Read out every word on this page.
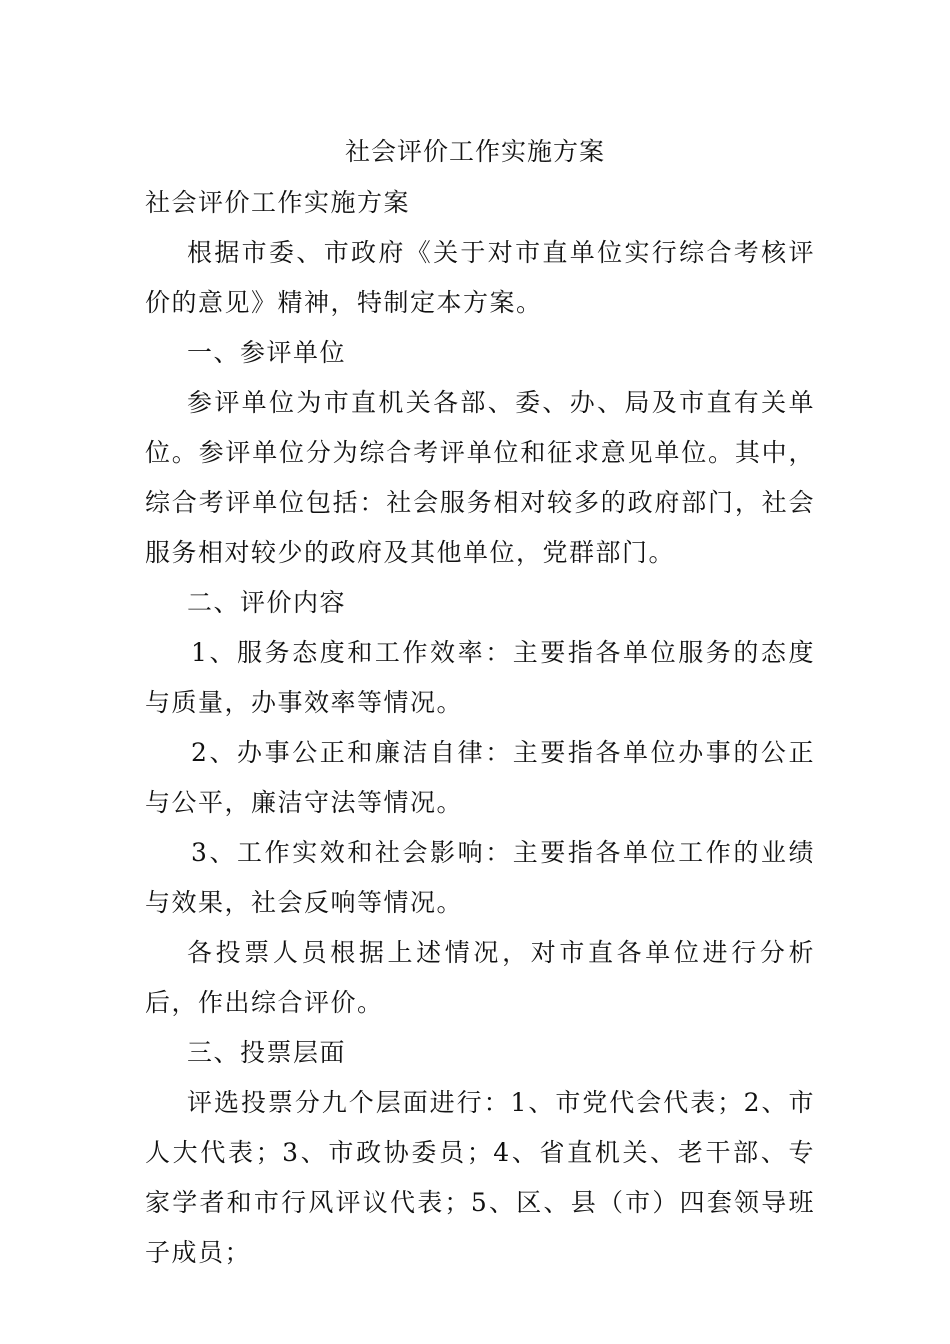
社会评价工作实施方案

社会评价工作实施方案

根据市委、市政府《关于对市直单位实行综合考核评价的意见》精神，特制定本方案。

一、参评单位

参评单位为市直机关各部、委、办、局及市直有关单位。参评单位分为综合考评单位和征求意见单位。其中，综合考评单位包括：社会服务相对较多的政府部门，社会服务相对较少的政府及其他单位，党群部门。

二、评价内容

1、服务态度和工作效率：主要指各单位服务的态度与质量，办事效率等情况。

2、办事公正和廉洁自律：主要指各单位办事的公正与公平，廉洁守法等情况。

3、工作实效和社会影响：主要指各单位工作的业绩与效果，社会反响等情况。

各投票人员根据上述情况，对市直各单位进行分析后，作出综合评价。

三、投票层面

评选投票分九个层面进行：1、市党代会代表；2、市人大代表；3、市政协委员；4、省直机关、老干部、专家学者和市行风评议代表；5、区、县（市）四套领导班子成员；
